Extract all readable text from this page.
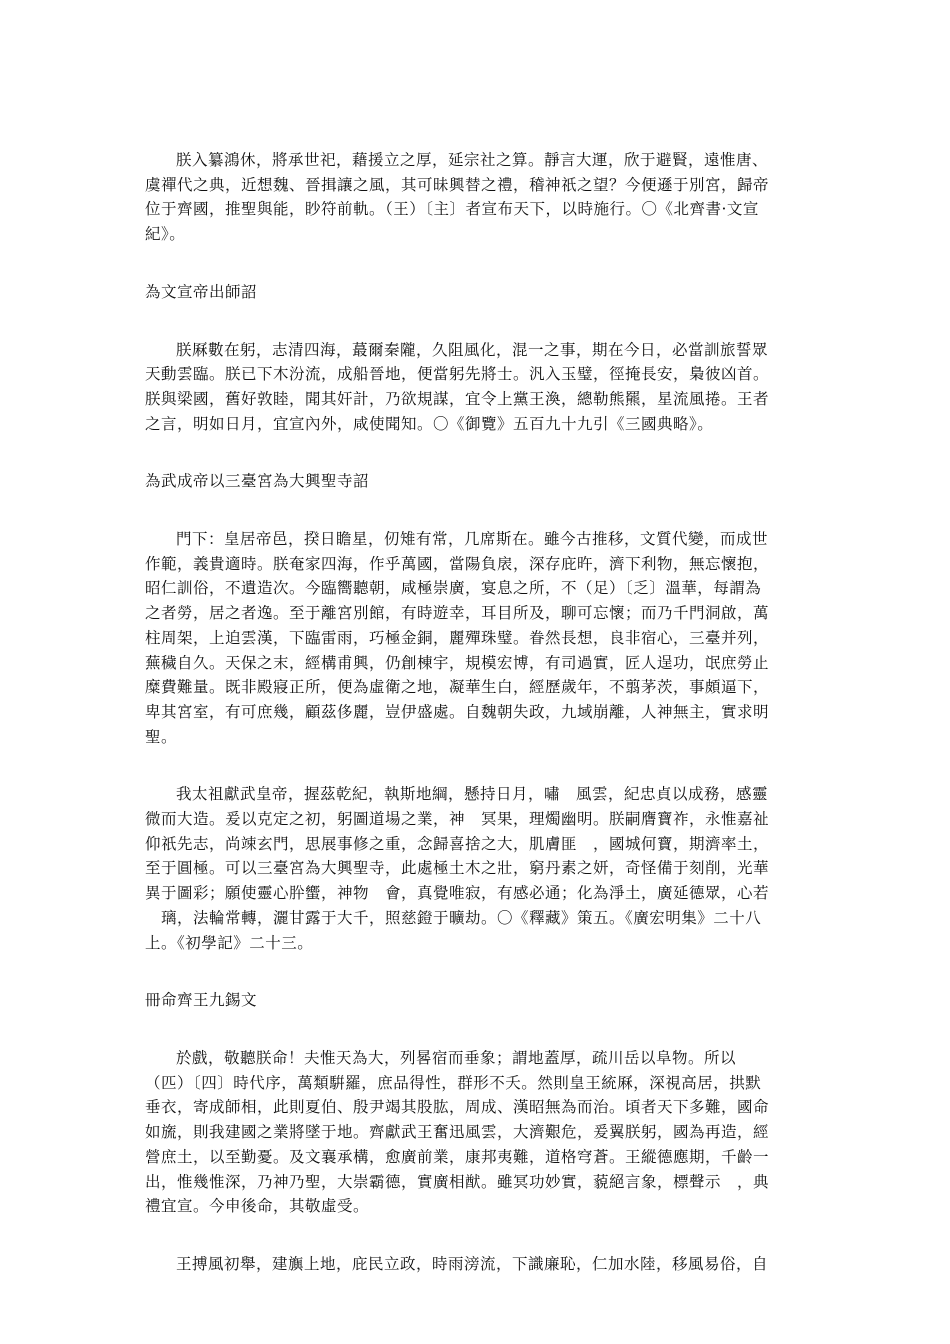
朕入纂鴻休，將承世祀，藉援立之厚，延宗社之算。靜言大運，欣于避賢，遠惟唐、
虞禪代之典，近想魏、晉揖讓之風，其可昧興替之禮，稽神祇之望？今便遜于別宮，歸帝
位于齊國，推聖與能，眇符前軌。（王）〔主〕者宣布天下，以時施行。〇《北齊書·文宣
紀》。
為文宣帝出師詔
朕厤數在躬，志清四海，蕞爾秦隴，久阻風化，混一之事，期在今日，必當訓旅誓眾
天動雲臨。朕已下木汾流，成船晉地，便當躬先將士。汎入玉璧，徑掩長安，梟彼凶首。
朕與梁國，舊好敦睦，聞其奸計，乃欲規謀，宜令上黨王渙，總勒熊羆，星流風捲。王者
之言，明如日月，宜宣內外，咸使聞知。〇《御覽》五百九十九引《三國典略》。
為武成帝以三臺宮為大興聖寺詔
門下：皇居帝邑，揆日瞻星，仞雉有常，几席斯在。雖今古推移，文質代變，而成世
作範，義貴適時。朕奄家四海，作乎萬國，當陽負扆，深存庇旿，濟下利物，無忘懷抱，
昭仁訓俗，不遺造次。今臨嚮聽朝，咸極崇廣，宴息之所，不（足）〔乏〕溫華，每謂為
之者勞，居之者逸。至于離宮別館，有時遊幸，耳目所及，聊可忘懷；而乃千門洞啟，萬
柱周架，上迫雲漢，下臨雷雨，巧極金銅，麗殫珠璧。眷然長想，良非宿心，三臺并列，
蕪穢自久。天保之末，經構甫興，仍創棟宇，規模宏博，有司過實，匠人逞功，氓庶勞止
糜費難量。既非殿寢正所，便為虛衛之地，凝華生白，經歷歲年，不翦茅茨，事頗逼下，
卑其宮室，有可庶幾，顧茲侈麗，豈伊盛處。自魏朝失政，九域崩離，人神無主，實求明
聖。
我太祖獻武皇帝，握茲乾紀，執斯地綱，懸持日月，嘯　風雲，紀忠貞以成務，感靈
微而大造。爰以克定之初，躬圖道場之業，神　冥果，理燭幽明。朕嗣膺寶祚，永惟嘉祉
仰祇先志，尚竦玄門，思展事修之重，念歸喜捨之大，肌膚匪　，國城何寶，期濟率土，
至于圓極。可以三臺宮為大興聖寺，此處極土木之壯，窮丹素之妍，奇怪備于刻削，光華
異于圖彩；願使靈心肸蠁，神物　會，真覺唯寂，有感必通；化為淨土，廣延德眾，心若
　璃，法輪常轉，灑甘露于大千，照慈鐙于曠劫。〇《釋藏》策五。《廣宏明集》二十八
上。《初學記》二十三。
冊命齊王九錫文
於戲，敬聽朕命！夫惟天為大，列晷宿而垂象；謂地蓋厚，疏川岳以阜物。所以
（匹）〔四〕時代序，萬類騈羅，庶品得性，群形不夭。然則皇王統厤，深視高居，拱默
垂衣，寄成師相，此則夏伯、殷尹竭其股肱，周成、漢昭無為而治。頃者天下多難，國命
如旒，則我建國之業將墜于地。齊獻武王奮迅風雲，大濟艱危，爰翼朕躬，國為再造，經
營庶土，以至勤憂。及文襄承構，愈廣前業，康邦夷難，道格穹蒼。王縱德應期，千齡一
出，惟幾惟深，乃神乃聖，大崇霸德，實廣相猷。雖冥功妙實，藐絕言象，標聲示　，典
禮宜宣。今申後命，其敬虛受。
王搏風初舉，建旟上地，庇民立政，時雨滂流，下識廉恥，仁加水陸，移風易俗，自
